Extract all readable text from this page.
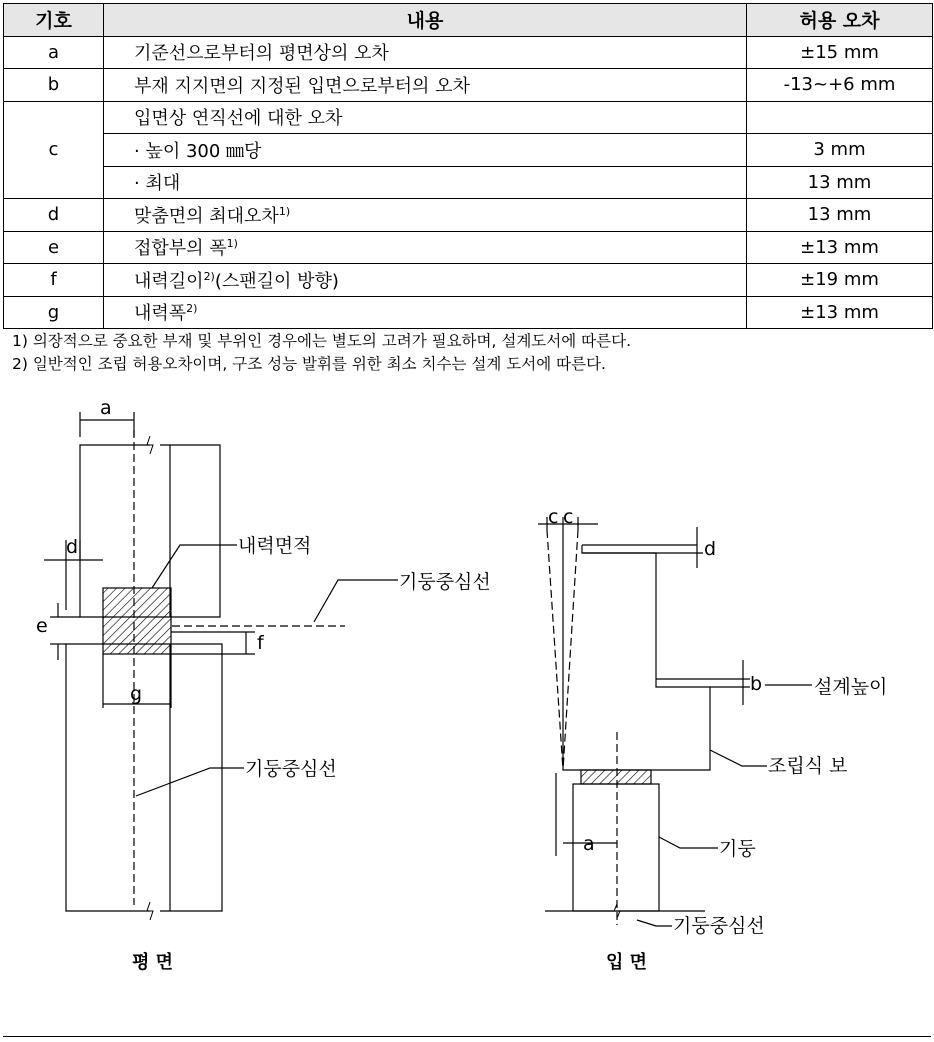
기호	내용	허용 오차
a	기준선으로부터의 평면상의 오차	±15 mm
b	부재 지지면의 지정된 입면으로부터의 오차	-13~+6 mm
c	입면상 연직선에 대한 오차	
	· 높이 300 ㎜당	3 mm
	· 최대	13 mm
d	맞춤면의 최대오차$^{1)}$	13 mm
e	접합부의 폭$^{1)}$	±13 mm
f	내력길이$^{2)}$(스팬길이 방향)	±19 mm
g	내력폭$^{2)}$	±13 mm
1) 의장적으로 중요한 부재 및 부위인 경우에는 별도의 고려가 필요하며, 설계도서에 따른다.
2) 일반적인 조립 허용오차이며, 구조 성능 발휘를 위한 최소 치수는 설계 도서에 따른다.
a
d
e
f
g
내력면적
기둥중심선
기둥중심선
평 면
c c
d
b	설계높이
조립식 보
a	기둥
기둥중심선
입 면
